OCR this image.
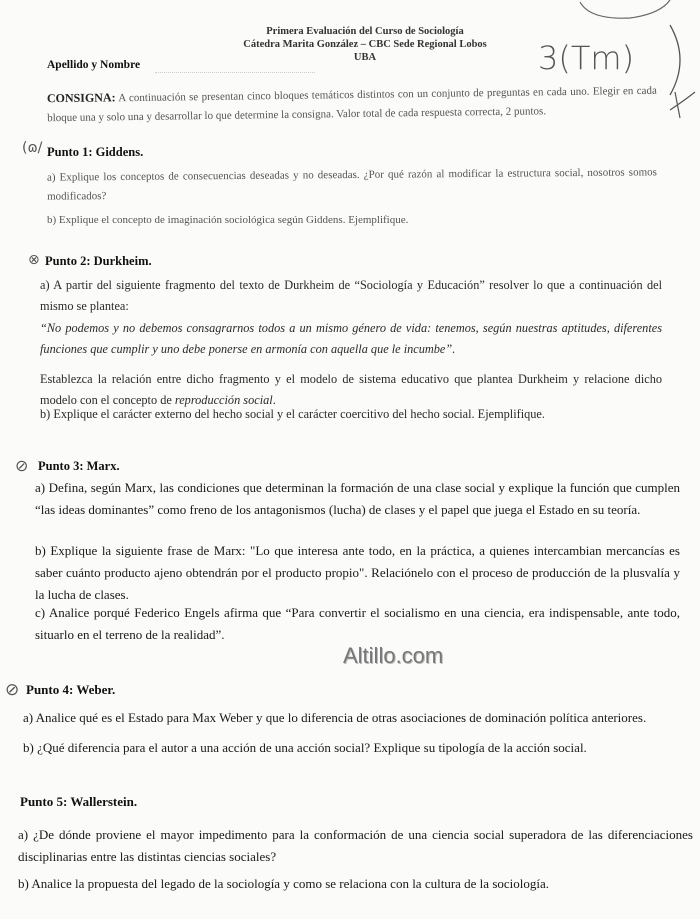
Primera Evaluación del Curso de Sociología
Cátedra Marita González – CBC Sede Regional Lobos
UBA
Apellido y Nombre	3(Tm)
CONSIGNA: A continuación se presentan cinco bloques temáticos distintos con un conjunto de preguntas en cada uno. Elegir en cada bloque una y solo una y desarrollar lo que determine la consigna. Valor total de cada respuesta correcta, 2 puntos.
(ɷ/ Punto 1: Giddens.
a) Explique los conceptos de consecuencias deseadas y no deseadas. ¿Por qué razón al modificar la estructura social, nosotros somos modificados?
b) Explique el concepto de imaginación sociológica según Giddens. Ejemplifique.
⊗ Punto 2: Durkheim.
a) A partir del siguiente fragmento del texto de Durkheim de “Sociología y Educación” resolver lo que a continuación del mismo se plantea:
“No podemos y no debemos consagrarnos todos a un mismo género de vida: tenemos, según nuestras aptitudes, diferentes funciones que cumplir y uno debe ponerse en armonía con aquella que le incumbe”.
Establezca la relación entre dicho fragmento y el modelo de sistema educativo que plantea Durkheim y relacione dicho modelo con el concepto de reproducción social.
b) Explique el carácter externo del hecho social y el carácter coercitivo del hecho social. Ejemplifique.
⊘ Punto 3: Marx.
a) Defina, según Marx, las condiciones que determinan la formación de una clase social y explique la función que cumplen “las ideas dominantes” como freno de los antagonismos (lucha) de clases y el papel que juega el Estado en su teoría.
b) Explique la siguiente frase de Marx: "Lo que interesa ante todo, en la práctica, a quienes intercambian mercancías es saber cuánto producto ajeno obtendrán por el producto propio". Relaciónelo con el proceso de producción de la plusvalía y la lucha de clases.
c) Analice porqué Federico Engels afirma que “Para convertir el socialismo en una ciencia, era indispensable, ante todo, situarlo en el terreno de la realidad”.
Altillo.com
⊘ Punto 4: Weber.
a) Analice qué es el Estado para Max Weber y que lo diferencia de otras asociaciones de dominación política anteriores.
b) ¿Qué diferencia para el autor a una acción de una acción social? Explique su tipología de la acción social.
Punto 5: Wallerstein.
a) ¿De dónde proviene el mayor impedimento para la conformación de una ciencia social superadora de las diferenciaciones disciplinarias entre las distintas ciencias sociales?
b) Analice la propuesta del legado de la sociología y como se relaciona con la cultura de la sociología.
